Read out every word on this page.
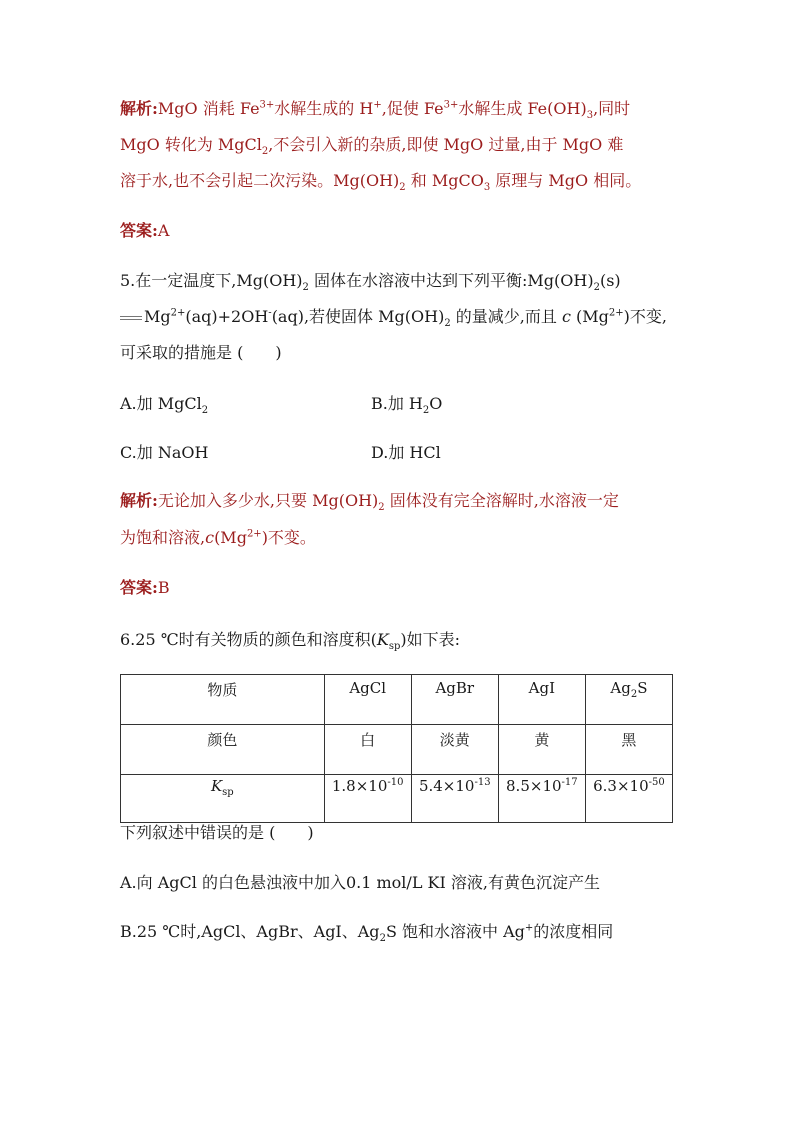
解析:MgO 消耗 $Fe^{3+}$水解生成的 H+,促使 $Fe^{3+}$水解生成 $Fe(OH)_3$,同时
MgO 转化为 MgCl$_2$,不会引入新的杂质,即使 MgO 过量,由于 MgO 难
溶于水,也不会引起二次污染。$Mg(OH)_2$ 和 MgCO$_3$ 原理与 MgO 相同。
答案:A
5.在一定温度下$,Mg(OH)_2$ 固体在水溶液中达到下列平衡$:Mg(OH)_2(s)$
$Mg^{2+}(aq)+2OH^-(aq)$,若使固体 $Mg(OH)_2$ 的量减少,而且 c $(Mg^{2+})$不变,
可采取的措施是 (　　)
A.加 MgCl$_2$	B.加 $H_2O$
C.加 NaOH	D.加 HCl
解析:无论加入多少水,只要 $Mg(OH)_2$ 固体没有完全溶解时,水溶液一定
为饱和溶液$,c(Mg^{2+})$不变。
答案:B
6.25 ℃时有关物质的颜色和溶度积$(K_{sp})$如下表:
物质	AgCl	AgBr	AgI	$Ag_2S$
颜色	白	淡黄	黄	黑
$K_{sp}$	$1.8\times 10^{-10}$	$5.4\times 10^{-13}$	$8.5\times 10^{-17}$	$6.3\times 10^{-50}$
下列叙述中错误的是 (　　)
A.向 AgCl 的白色悬浊液中加入0.1 mol/L KI 溶液,有黄色沉淀产生
B.25 ℃时,AgCl、AgBr、AgI、$Ag_2S$ 饱和水溶液中 Ag+的浓度相同
